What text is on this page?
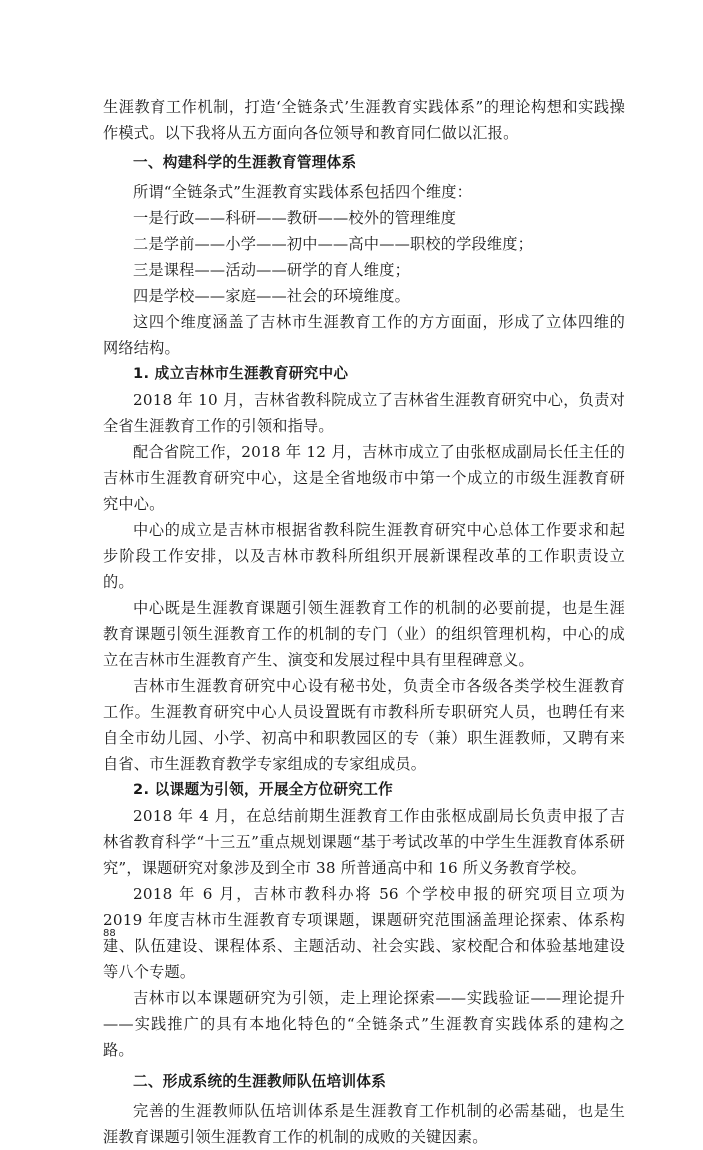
生涯教育工作机制，打造‘全链条式’生涯教育实践体系”的理论构想和实践操作模式。以下我将从五方面向各位领导和教育同仁做以汇报。

一、构建科学的生涯教育管理体系

所谓“全链条式”生涯教育实践体系包括四个维度：

一是行政——科研——教研——校外的管理维度

二是学前——小学——初中——高中——职校的学段维度；

三是课程——活动——研学的育人维度；

四是学校——家庭——社会的环境维度。

这四个维度涵盖了吉林市生涯教育工作的方方面面，形成了立体四维的网络结构。

1. 成立吉林市生涯教育研究中心

2018 年 10 月，吉林省教科院成立了吉林省生涯教育研究中心，负责对全省生涯教育工作的引领和指导。

配合省院工作，2018 年 12 月，吉林市成立了由张枢成副局长任主任的吉林市生涯教育研究中心，这是全省地级市中第一个成立的市级生涯教育研究中心。

中心的成立是吉林市根据省教科院生涯教育研究中心总体工作要求和起步阶段工作安排，以及吉林市教科所组织开展新课程改革的工作职责设立的。

中心既是生涯教育课题引领生涯教育工作的机制的必要前提，也是生涯教育课题引领生涯教育工作的机制的专门（业）的组织管理机构，中心的成立在吉林市生涯教育产生、演变和发展过程中具有里程碑意义。

吉林市生涯教育研究中心设有秘书处，负责全市各级各类学校生涯教育工作。生涯教育研究中心人员设置既有市教科所专职研究人员，也聘任有来自全市幼儿园、小学、初高中和职教园区的专（兼）职生涯教师，又聘有来自省、市生涯教育教学专家组成的专家组成员。

2. 以课题为引领，开展全方位研究工作

2018 年 4 月，在总结前期生涯教育工作由张枢成副局长负责申报了吉林省教育科学“十三五”重点规划课题“基于考试改革的中学生生涯教育体系研究”，课题研究对象涉及到全市 38 所普通高中和 16 所义务教育学校。

2018 年 6 月，吉林市教科办将 56 个学校申报的研究项目立项为 2019 年度吉林市生涯教育专项课题，课题研究范围涵盖理论探索、体系构建、队伍建设、课程体系、主题活动、社会实践、家校配合和体验基地建设等八个专题。

吉林市以本课题研究为引领，走上理论探索——实践验证——理论提升——实践推广的具有本地化特色的“全链条式”生涯教育实践体系的建构之路。

二、形成系统的生涯教师队伍培训体系

完善的生涯教师队伍培训体系是生涯教育工作机制的必需基础，也是生涯教育课题引领生涯教育工作的机制的成败的关键因素。

88
